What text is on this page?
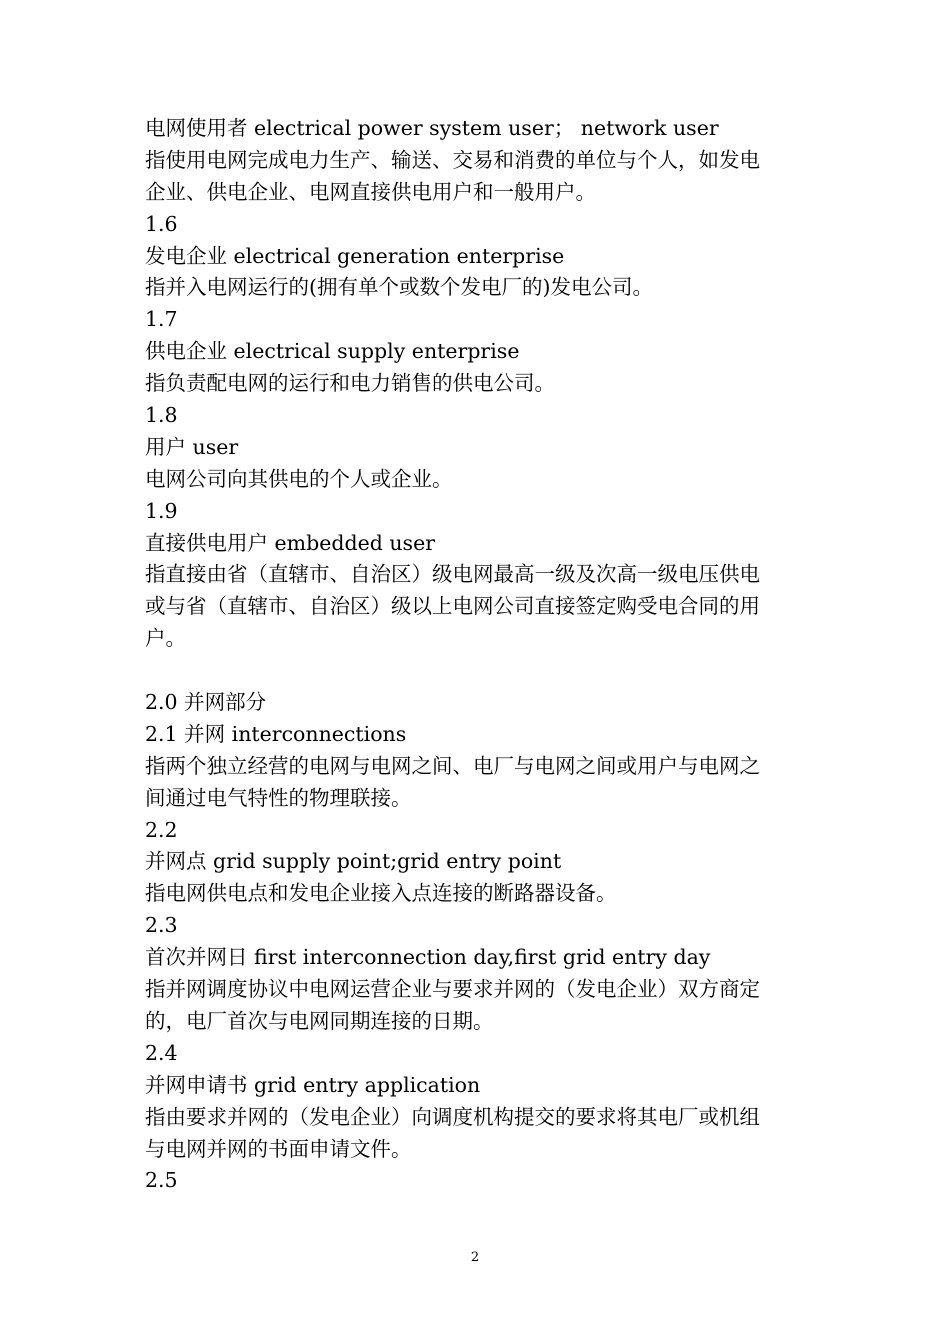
电网使用者 electrical power system user； network user
指使用电网完成电力生产、输送、交易和消费的单位与个人，如发电
企业、供电企业、电网直接供电用户和一般用户。
1.6
发电企业 electrical generation enterprise
指并入电网运行的(拥有单个或数个发电厂的)发电公司。
1.7
供电企业 electrical supply enterprise
指负责配电网的运行和电力销售的供电公司。
1.8
用户 user
电网公司向其供电的个人或企业。
1.9
直接供电用户 embedded user
指直接由省（直辖市、自治区）级电网最高一级及次高一级电压供电
或与省（直辖市、自治区）级以上电网公司直接签定购受电合同的用
户。
2.0 并网部分
2.1 并网 interconnections
指两个独立经营的电网与电网之间、电厂与电网之间或用户与电网之
间通过电气特性的物理联接。
2.2
并网点 grid supply point;grid entry point
指电网供电点和发电企业接入点连接的断路器设备。
2.3
首次并网日 first interconnection day,first grid entry day
指并网调度协议中电网运营企业与要求并网的（发电企业）双方商定
的，电厂首次与电网同期连接的日期。
2.4
并网申请书 grid entry application
指由要求并网的（发电企业）向调度机构提交的要求将其电厂或机组
与电网并网的书面申请文件。
2.5
2
